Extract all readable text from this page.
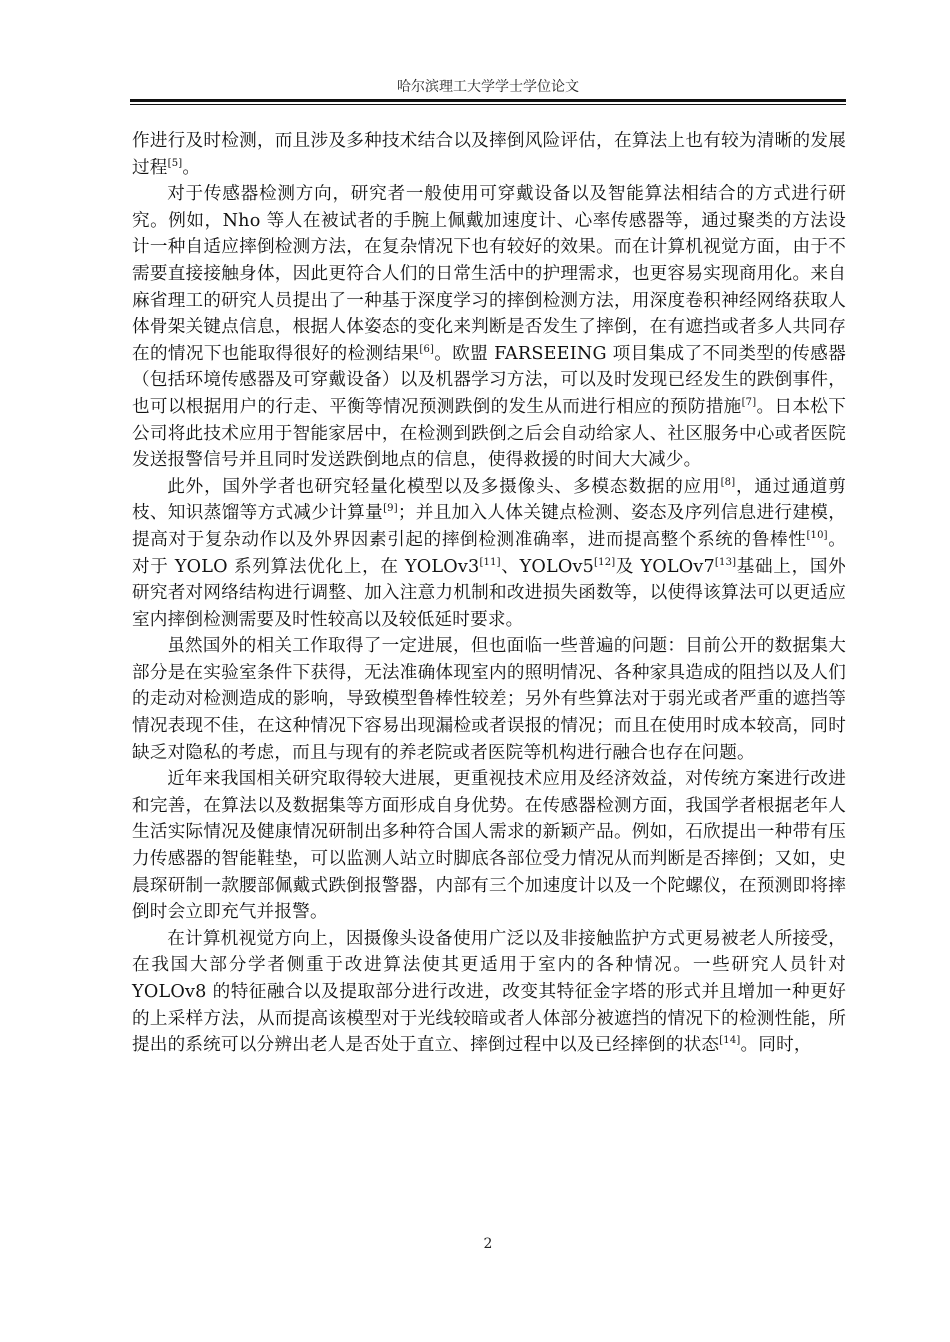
哈尔滨理工大学学士学位论文

作进行及时检测，而且涉及多种技术结合以及摔倒风险评估，在算法上也有较为清晰的发展过程[5]。

对于传感器检测方向，研究者一般使用可穿戴设备以及智能算法相结合的方式进行研究。例如，Nho 等人在被试者的手腕上佩戴加速度计、心率传感器等，通过聚类的方法设计一种自适应摔倒检测方法，在复杂情况下也有较好的效果。而在计算机视觉方面，由于不需要直接接触身体，因此更符合人们的日常生活中的护理需求，也更容易实现商用化。来自麻省理工的研究人员提出了一种基于深度学习的摔倒检测方法，用深度卷积神经网络获取人体骨架关键点信息，根据人体姿态的变化来判断是否发生了摔倒，在有遮挡或者多人共同存在的情况下也能取得很好的检测结果[6]。欧盟 FARSEEING 项目集成了不同类型的传感器（包括环境传感器及可穿戴设备）以及机器学习方法，可以及时发现已经发生的跌倒事件，也可以根据用户的行走、平衡等情况预测跌倒的发生从而进行相应的预防措施[7]。日本松下公司将此技术应用于智能家居中，在检测到跌倒之后会自动给家人、社区服务中心或者医院发送报警信号并且同时发送跌倒地点的信息，使得救援的时间大大减少。

此外，国外学者也研究轻量化模型以及多摄像头、多模态数据的应用[8]，通过通道剪枝、知识蒸馏等方式减少计算量[9]；并且加入人体关键点检测、姿态及序列信息进行建模，提高对于复杂动作以及外界因素引起的摔倒检测准确率，进而提高整个系统的鲁棒性[10]。对于 YOLO 系列算法优化上，在 YOLOv3[11]、YOLOv5[12]及 YOLOv7[13]基础上，国外研究者对网络结构进行调整、加入注意力机制和改进损失函数等，以使得该算法可以更适应室内摔倒检测需要及时性较高以及较低延时要求。

虽然国外的相关工作取得了一定进展，但也面临一些普遍的问题：目前公开的数据集大部分是在实验室条件下获得，无法准确体现室内的照明情况、各种家具造成的阻挡以及人们的走动对检测造成的影响，导致模型鲁棒性较差；另外有些算法对于弱光或者严重的遮挡等情况表现不佳，在这种情况下容易出现漏检或者误报的情况；而且在使用时成本较高，同时缺乏对隐私的考虑，而且与现有的养老院或者医院等机构进行融合也存在问题。

近年来我国相关研究取得较大进展，更重视技术应用及经济效益，对传统方案进行改进和完善，在算法以及数据集等方面形成自身优势。在传感器检测方面，我国学者根据老年人生活实际情况及健康情况研制出多种符合国人需求的新颖产品。例如，石欣提出一种带有压力传感器的智能鞋垫，可以监测人站立时脚底各部位受力情况从而判断是否摔倒；又如，史晨琛研制一款腰部佩戴式跌倒报警器，内部有三个加速度计以及一个陀螺仪，在预测即将摔倒时会立即充气并报警。

在计算机视觉方向上，因摄像头设备使用广泛以及非接触监护方式更易被老人所接受，在我国大部分学者侧重于改进算法使其更适用于室内的各种情况。一些研究人员针对 YOLOv8 的特征融合以及提取部分进行改进，改变其特征金字塔的形式并且增加一种更好的上采样方法，从而提高该模型对于光线较暗或者人体部分被遮挡的情况下的检测性能，所提出的系统可以分辨出老人是否处于直立、摔倒过程中以及已经摔倒的状态[14]。同时，

2
